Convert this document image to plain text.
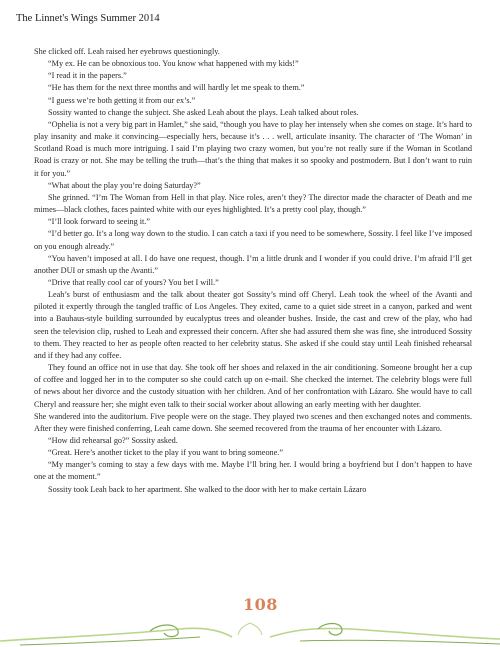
The Linnet's Wings Summer 2014

She clicked off. Leah raised her eyebrows questioningly.

“My ex. He can be obnoxious too. You know what happened with my kids!”

“I read it in the papers.”

“He has them for the next three months and will hardly let me speak to them.”

“I guess we’re both getting it from our ex’s.”

Sossity wanted to change the subject. She asked Leah about the plays. Leah talked about roles.

“Ophelia is not a very big part in Hamlet,” she said, “though you have to play her intensely when she comes on stage. It’s hard to play insanity and make it convincing—especially hers, because it’s . . . well, articulate insanity. The character of ‘The Woman’ in Scotland Road is much more intriguing. I said I’m playing two crazy women, but you’re not really sure if the Woman in Scotland Road is crazy or not. She may be telling the truth—that’s the thing that makes it so spooky and postmodern. But I don’t want to ruin it for you.”

“What about the play you’re doing Saturday?”

She grinned. “I’m The Woman from Hell in that play. Nice roles, aren’t they? The director made the character of Death and me mimes—black clothes, faces painted white with our eyes highlighted. It’s a pretty cool play, though.”

“I’ll look forward to seeing it.”

“I’d better go. It’s a long way down to the studio. I can catch a taxi if you need to be somewhere, Sossity. I feel like I’ve imposed on you enough already.”

“You haven’t imposed at all. I do have one request, though. I’m a little drunk and I wonder if you could drive. I’m afraid I’ll get another DUI or smash up the Avanti.”

“Drive that really cool car of yours? You bet I will.”

Leah’s burst of enthusiasm and the talk about theater got Sossity’s mind off Cheryl. Leah took the wheel of the Avanti and piloted it expertly through the tangled traffic of Los Angeles. They exited, came to a quiet side street in a canyon, parked and went into a Bauhaus-style building surrounded by eucalyptus trees and oleander bushes. Inside, the cast and crew of the play, who had seen the television clip, rushed to Leah and expressed their concern. After she had assured them she was fine, she introduced Sossity to them. They reacted to her as people often reacted to her celebrity status. She asked if she could stay until Leah finished rehearsal and if they had any coffee.

They found an office not in use that day. She took off her shoes and relaxed in the air conditioning. Someone brought her a cup of coffee and logged her in to the computer so she could catch up on e-mail. She checked the internet. The celebrity blogs were full of news about her divorce and the custody situation with her children. And of her confrontation with Lázaro. She would have to call Cheryl and reassure her; she might even talk to their social worker about allowing an early meeting with her daughter.

She wandered into the auditorium. Five people were on the stage. They played two scenes and then exchanged notes and comments. After they were finished conferring, Leah came down. She seemed recovered from the trauma of her encounter with Lázaro.

“How did rehearsal go?” Sossity asked.

“Great. Here’s another ticket to the play if you want to bring someone.”

“My manger’s coming to stay a few days with me. Maybe I’ll bring her. I would bring a boyfriend but I don’t happen to have one at the moment.”

Sossity took Leah back to her apartment. She walked to the door with her to make certain Lázaro

108
